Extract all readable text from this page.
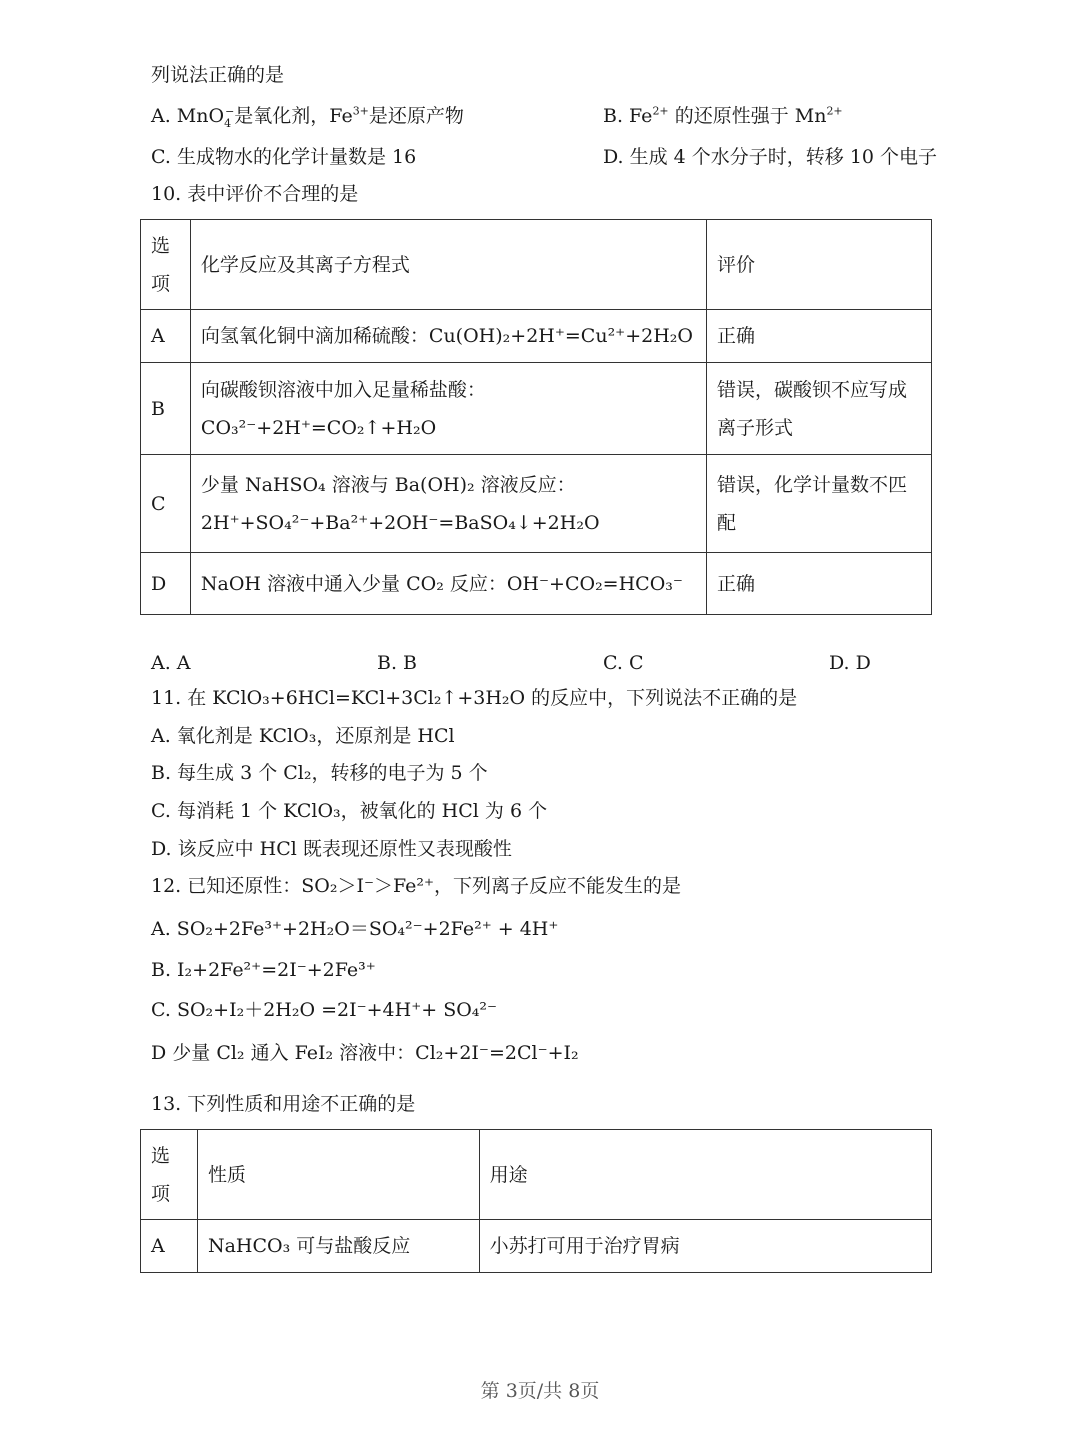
列说法正确的是
A. MnO$_4$−是氧化剂，$Fe^{3+}$是还原产物	B. $Fe^{2+}$ 的还原性强于 $Mn^{2+}$
C. 生成物水的化学计量数是 16	D. 生成 4 个水分子时，转移 10 个电子
10. 表中评价不合理的是
选
项	化学反应及其离子方程式	评价
A	向氢氧化铜中滴加稀硫酸：Cu(OH)₂+2H⁺=Cu²⁺+2H₂O	正确
B	向碳酸钡溶液中加入足量稀盐酸：CO₃²⁻+2H⁺=CO₂↑+H₂O	错误，碳酸钡不应写成离子形式

C	少量 NaHSO₄ 溶液与 Ba(OH)₂ 溶液反应：
2H⁺+SO₄²⁻+Ba²⁺+2OH⁻=BaSO₄↓+2H₂O	错误，化学计量数不匹配

D	NaOH 溶液中通入少量 CO₂ 反应：OH⁻+CO₂=HCO₃⁻	正确
A. A	B. B	C. C	D. D
11. 在 KClO₃+6HCl=KCl+3Cl₂↑+3H₂O 的反应中，下列说法不正确的是
A. 氧化剂是 KClO₃，还原剂是 HCl
B. 每生成 3 个 Cl₂，转移的电子为 5 个
C. 每消耗 1 个 KClO₃，被氧化的 HCl 为 6 个
D. 该反应中 HCl 既表现还原性又表现酸性
12. 已知还原性：SO₂＞I⁻＞Fe²⁺，下列离子反应不能发生的是
A. SO₂+2Fe³⁺+2H₂O＝SO₄²⁻+2Fe²⁺ + 4H⁺
B. I₂+2Fe²⁺=2I⁻+2Fe³⁺
C. SO₂+I₂＋2H₂O =2I⁻+4H⁺+ SO₄²⁻
D 少量 Cl₂ 通入 FeI₂ 溶液中：Cl₂+2I⁻=2Cl⁻+I₂
13. 下列性质和用途不正确的是
选
项	性质	用途
A	NaHCO₃ 可与盐酸反应	小苏打可用于治疗胃病
第 3页/共 8页
